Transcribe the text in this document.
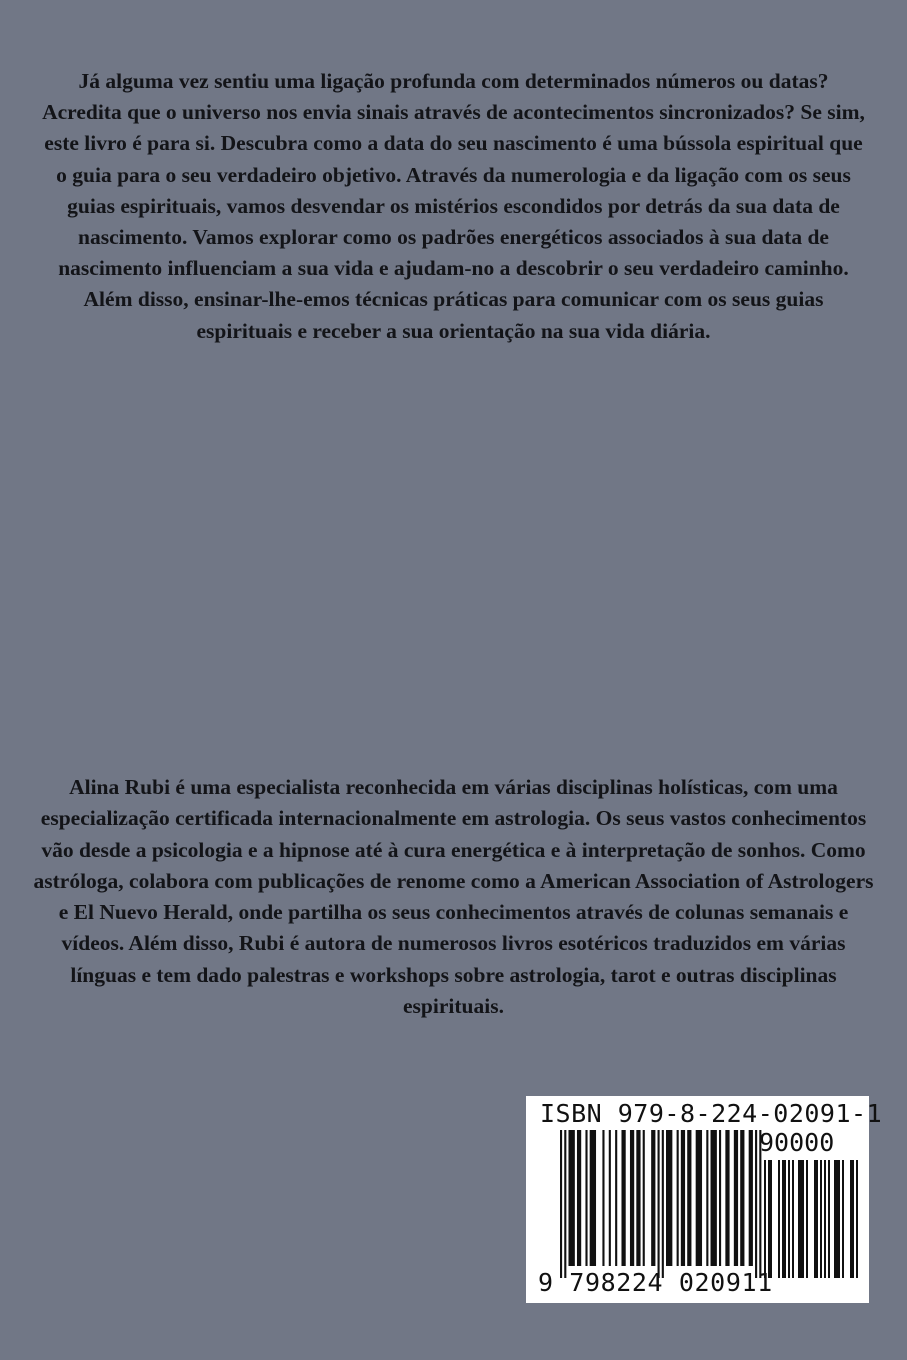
Já alguma vez sentiu uma ligação profunda com determinados números ou datas? Acredita que o universo nos envia sinais através de acontecimentos sincronizados? Se sim, este livro é para si. Descubra como a data do seu nascimento é uma bússola espiritual que o guia para o seu verdadeiro objetivo. Através da numerologia e da ligação com os seus guias espirituais, vamos desvendar os mistérios escondidos por detrás da sua data de nascimento. Vamos explorar como os padrões energéticos associados à sua data de nascimento influenciam a sua vida e ajudam-no a descobrir o seu verdadeiro caminho. Além disso, ensinar-lhe-emos técnicas práticas para comunicar com os seus guias espirituais e receber a sua orientação na sua vida diária.

Alina Rubi é uma especialista reconhecida em várias disciplinas holísticas, com uma especialização certificada internacionalmente em astrologia. Os seus vastos conhecimentos vão desde a psicologia e a hipnose até à cura energética e à interpretação de sonhos. Como astróloga, colabora com publicações de renome como a American Association of Astrologers e El Nuevo Herald, onde partilha os seus conhecimentos através de colunas semanais e vídeos. Além disso, Rubi é autora de numerosos livros esotéricos traduzidos em várias línguas e tem dado palestras e workshops sobre astrologia, tarot e outras disciplinas espirituais.

ISBN 979-8-224-02091-1
90000
9 798224 020911
